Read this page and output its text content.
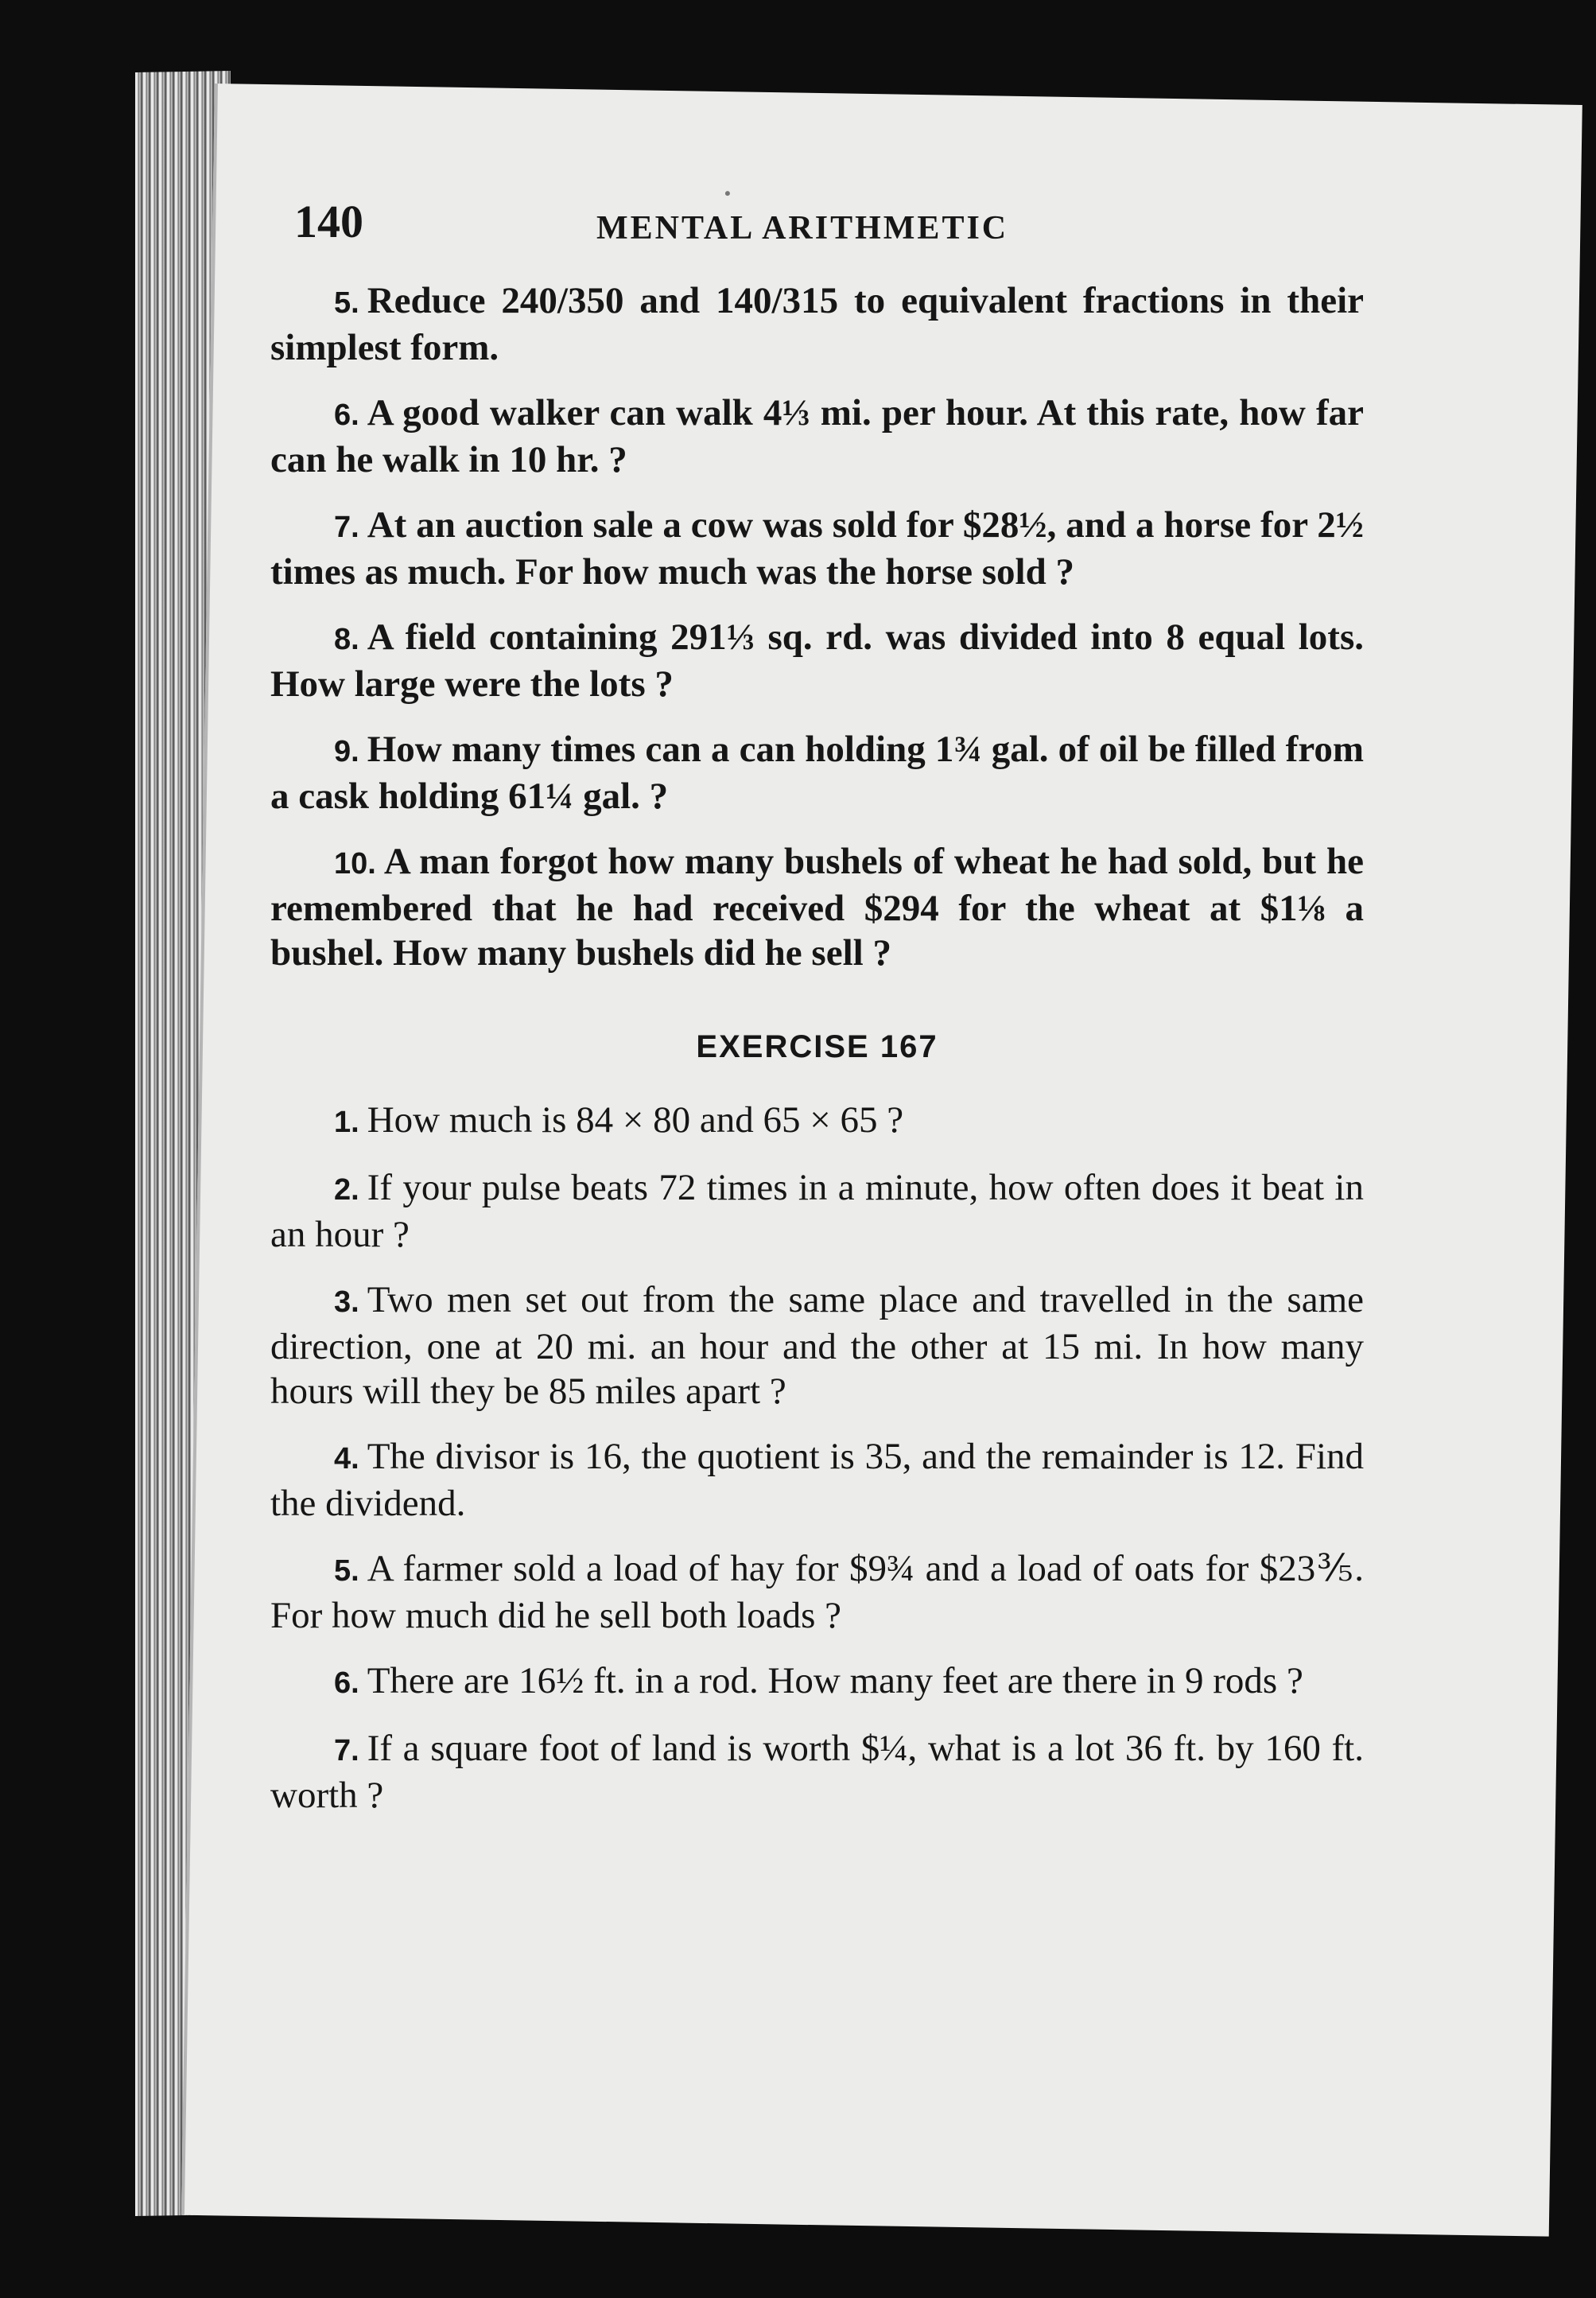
140	MENTAL ARITHMETIC

5. Reduce 240/350 and 140/315 to equivalent fractions in their simplest form.

6. A good walker can walk 4⅓ mi. per hour. At this rate, how far can he walk in 10 hr. ?

7. At an auction sale a cow was sold for $28½, and a horse for 2½ times as much. For how much was the horse sold ?

8. A field containing 291⅓ sq. rd. was divided into 8 equal lots. How large were the lots ?

9. How many times can a can holding 1¾ gal. of oil be filled from a cask holding 61¼ gal. ?

10. A man forgot how many bushels of wheat he had sold, but he remembered that he had received $294 for the wheat at $1⅛ a bushel. How many bushels did he sell ?

EXERCISE 167

1. How much is 84 × 80 and 65 × 65 ?

2. If your pulse beats 72 times in a minute, how often does it beat in an hour ?

3. Two men set out from the same place and travelled in the same direction, one at 20 mi. an hour and the other at 15 mi. In how many hours will they be 85 miles apart ?

4. The divisor is 16, the quotient is 35, and the remainder is 12. Find the dividend.

5. A farmer sold a load of hay for $9¾ and a load of oats for $23⅗. For how much did he sell both loads ?

6. There are 16½ ft. in a rod. How many feet are there in 9 rods ?

7. If a square foot of land is worth $¼, what is a lot 36 ft. by 160 ft. worth ?
